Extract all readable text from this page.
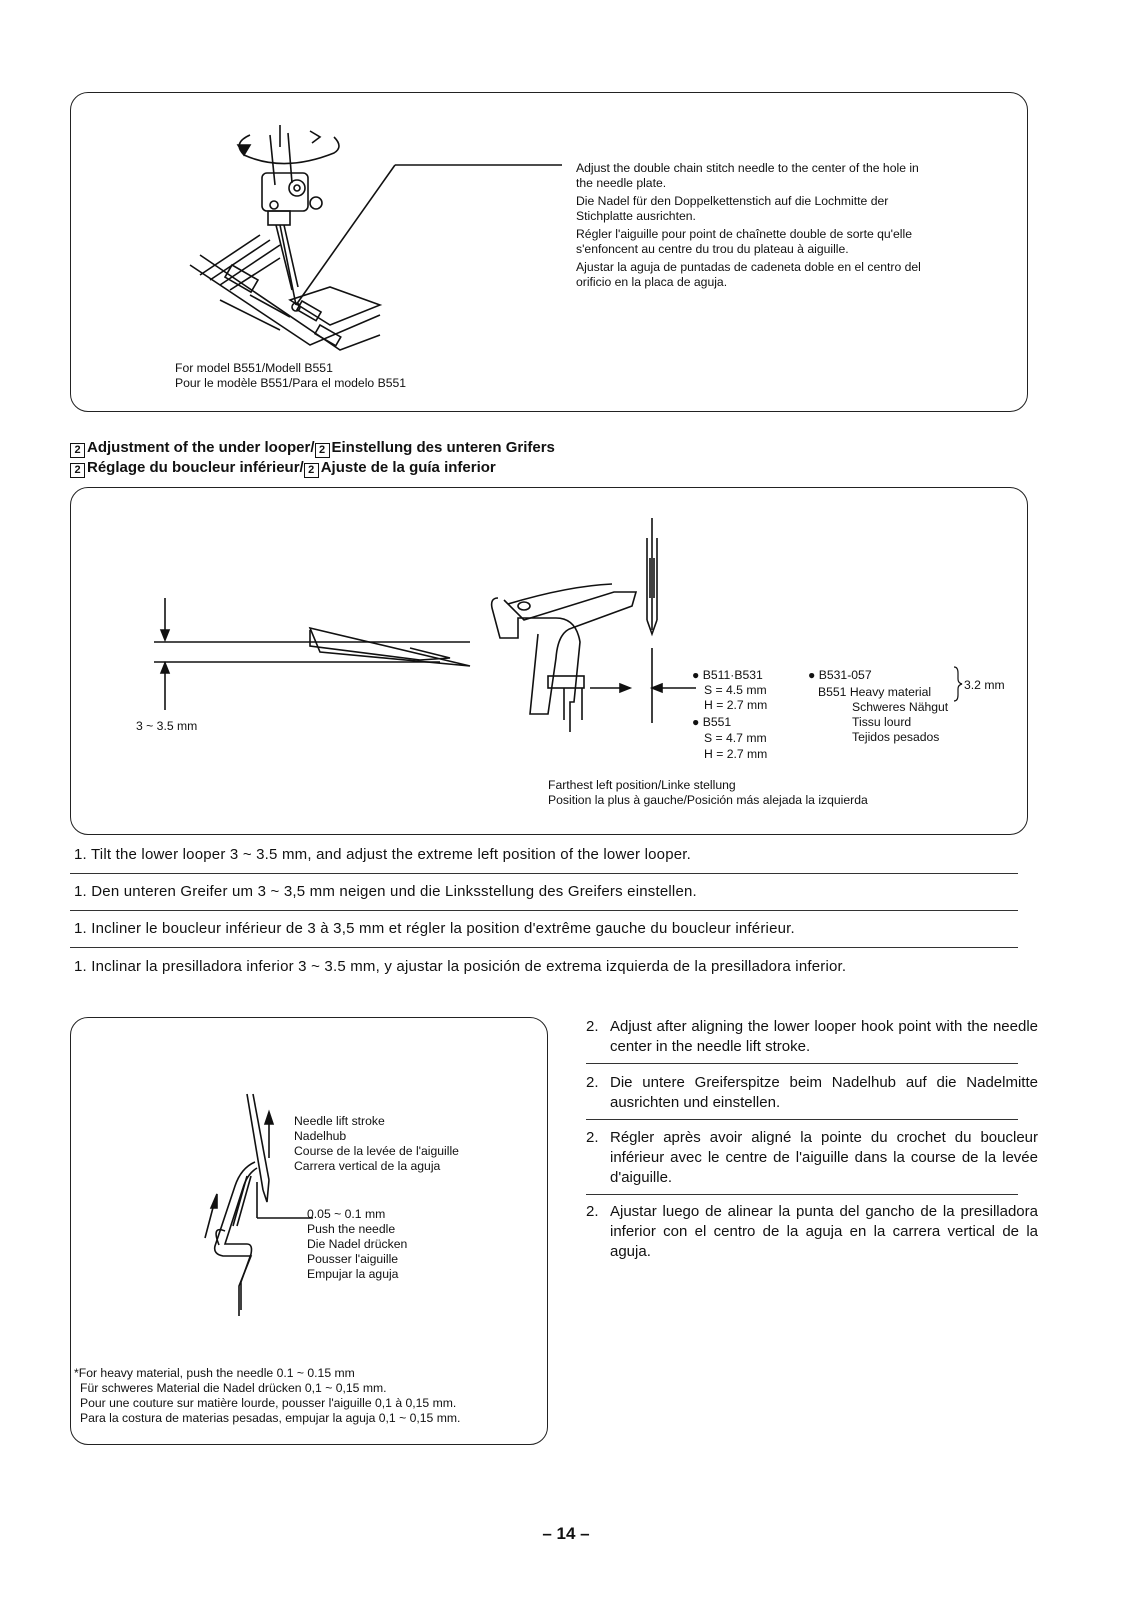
Adjust the double chain stitch needle to the center of the hole in
the needle plate.
Die Nadel für den Doppelkettenstich auf die Lochmitte der
Stichplatte ausrichten.
Régler l'aiguille pour point de chaînette double de sorte qu'elle
s'enfoncent au centre du trou du plateau à aiguille.
Ajustar la aguja de puntadas de cadeneta doble en el centro del
orificio en la placa de aguja.
For model B551/Modell B551
Pour le modèle B551/Para el modelo B551
2 Adjustment of the under looper/ 2 Einstellung des unteren Grifers
2 Réglage du boucleur inférieur/ 2 Ajuste de la guía inferior
3 ~ 3.5 mm
● B511·B531
S = 4.5 mm
H = 2.7 mm
● B551
S = 4.7 mm
H = 2.7 mm
● B531-057
B551 Heavy material
Schweres Nähgut
Tissu lourd
Tejidos pesados
3.2 mm
Farthest left position/Linke stellung
Position la plus à gauche/Posición más alejada la izquierda
1. Tilt the lower looper 3 ~ 3.5 mm, and adjust the extreme left position of the lower looper.
1. Den unteren Greifer um 3 ~ 3,5 mm neigen und die Linksstellung des Greifers einstellen.
1. Incliner le boucleur inférieur de 3 à 3,5 mm et régler la position d'extrême gauche du boucleur inférieur.
1. Inclinar la presilladora inferior 3 ~ 3.5 mm, y ajustar la posición de extrema izquierda de la presilladora inferior.
Needle lift stroke
Nadelhub
Course de la levée de l'aiguille
Carrera vertical de la aguja
0.05 ~ 0.1 mm
Push the needle
Die Nadel drücken
Pousser l'aiguille
Empujar la aguja
*For heavy material, push the needle 0.1 ~ 0.15 mm
Für schweres Material die Nadel drücken 0,1 ~ 0,15 mm.
Pour une couture sur matière lourde, pousser l'aiguille 0,1 à 0,15 mm.
Para la costura de materias pesadas, empujar la aguja 0,1 ~ 0,15 mm.
2. Adjust after aligning the lower looper hook point with the needle center in the needle lift stroke.
2. Die untere Greiferspitze beim Nadelhub auf die Nadelmitte ausrichten und einstellen.
2. Régler après avoir aligné la pointe du crochet du boucleur inférieur avec le centre de l'aiguille dans la course de la levée d'aiguille.
2. Ajustar luego de alinear la punta del gancho de la presilladora inferior con el centro de la aguja en la carrera vertical de la aguja.
– 14 –
